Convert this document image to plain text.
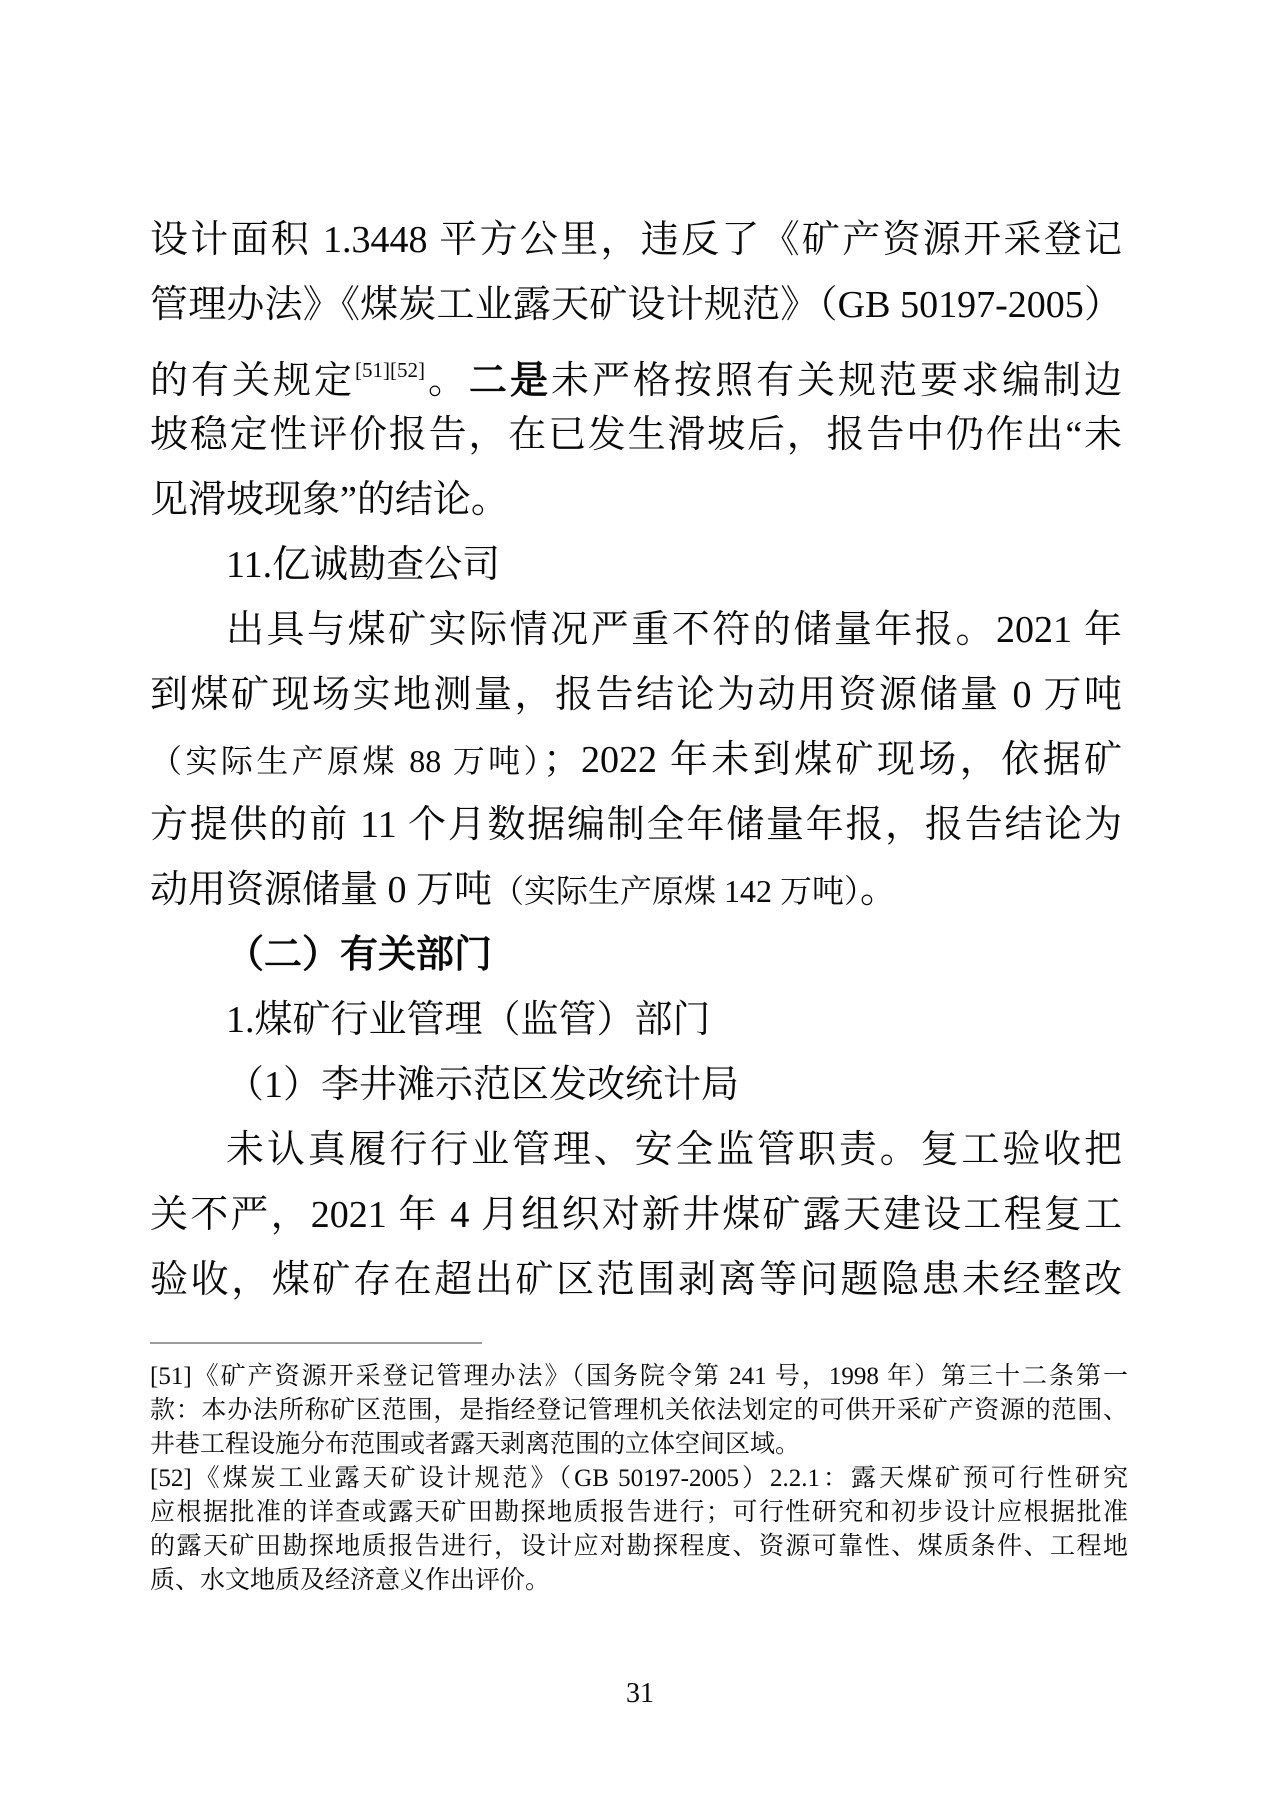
设计面积 1.3448 平方公里，违反了《矿产资源开采登记
管理办法》《煤炭工业露天矿设计规范》（GB 50197-2005）
的有关规定[51][52]。二是未严格按照有关规范要求编制边
坡稳定性评价报告，在已发生滑坡后，报告中仍作出“未
见滑坡现象”的结论。
11.亿诚勘查公司
出具与煤矿实际情况严重不符的储量年报。2021 年
到煤矿现场实地测量，报告结论为动用资源储量 0 万吨
（实际生产原煤 88 万吨）；2022 年未到煤矿现场，依据矿
方提供的前 11 个月数据编制全年储量年报，报告结论为
动用资源储量 0 万吨（实际生产原煤 142 万吨）。
（二）有关部门
1.煤矿行业管理（监管）部门
（1）李井滩示范区发改统计局
未认真履行行业管理、安全监管职责。复工验收把
关不严，2021 年 4 月组织对新井煤矿露天建设工程复工
验收，煤矿存在超出矿区范围剥离等问题隐患未经整改
[51]《矿产资源开采登记管理办法》（国务院令第 241 号，1998 年）第三十二条第一
款：本办法所称矿区范围，是指经登记管理机关依法划定的可供开采矿产资源的范围、
井巷工程设施分布范围或者露天剥离范围的立体空间区域。
[52]《煤炭工业露天矿设计规范》（GB 50197-2005）2.2.1：露天煤矿预可行性研究
应根据批准的详查或露天矿田勘探地质报告进行；可行性研究和初步设计应根据批准
的露天矿田勘探地质报告进行，设计应对勘探程度、资源可靠性、煤质条件、工程地
质、水文地质及经济意义作出评价。
31
